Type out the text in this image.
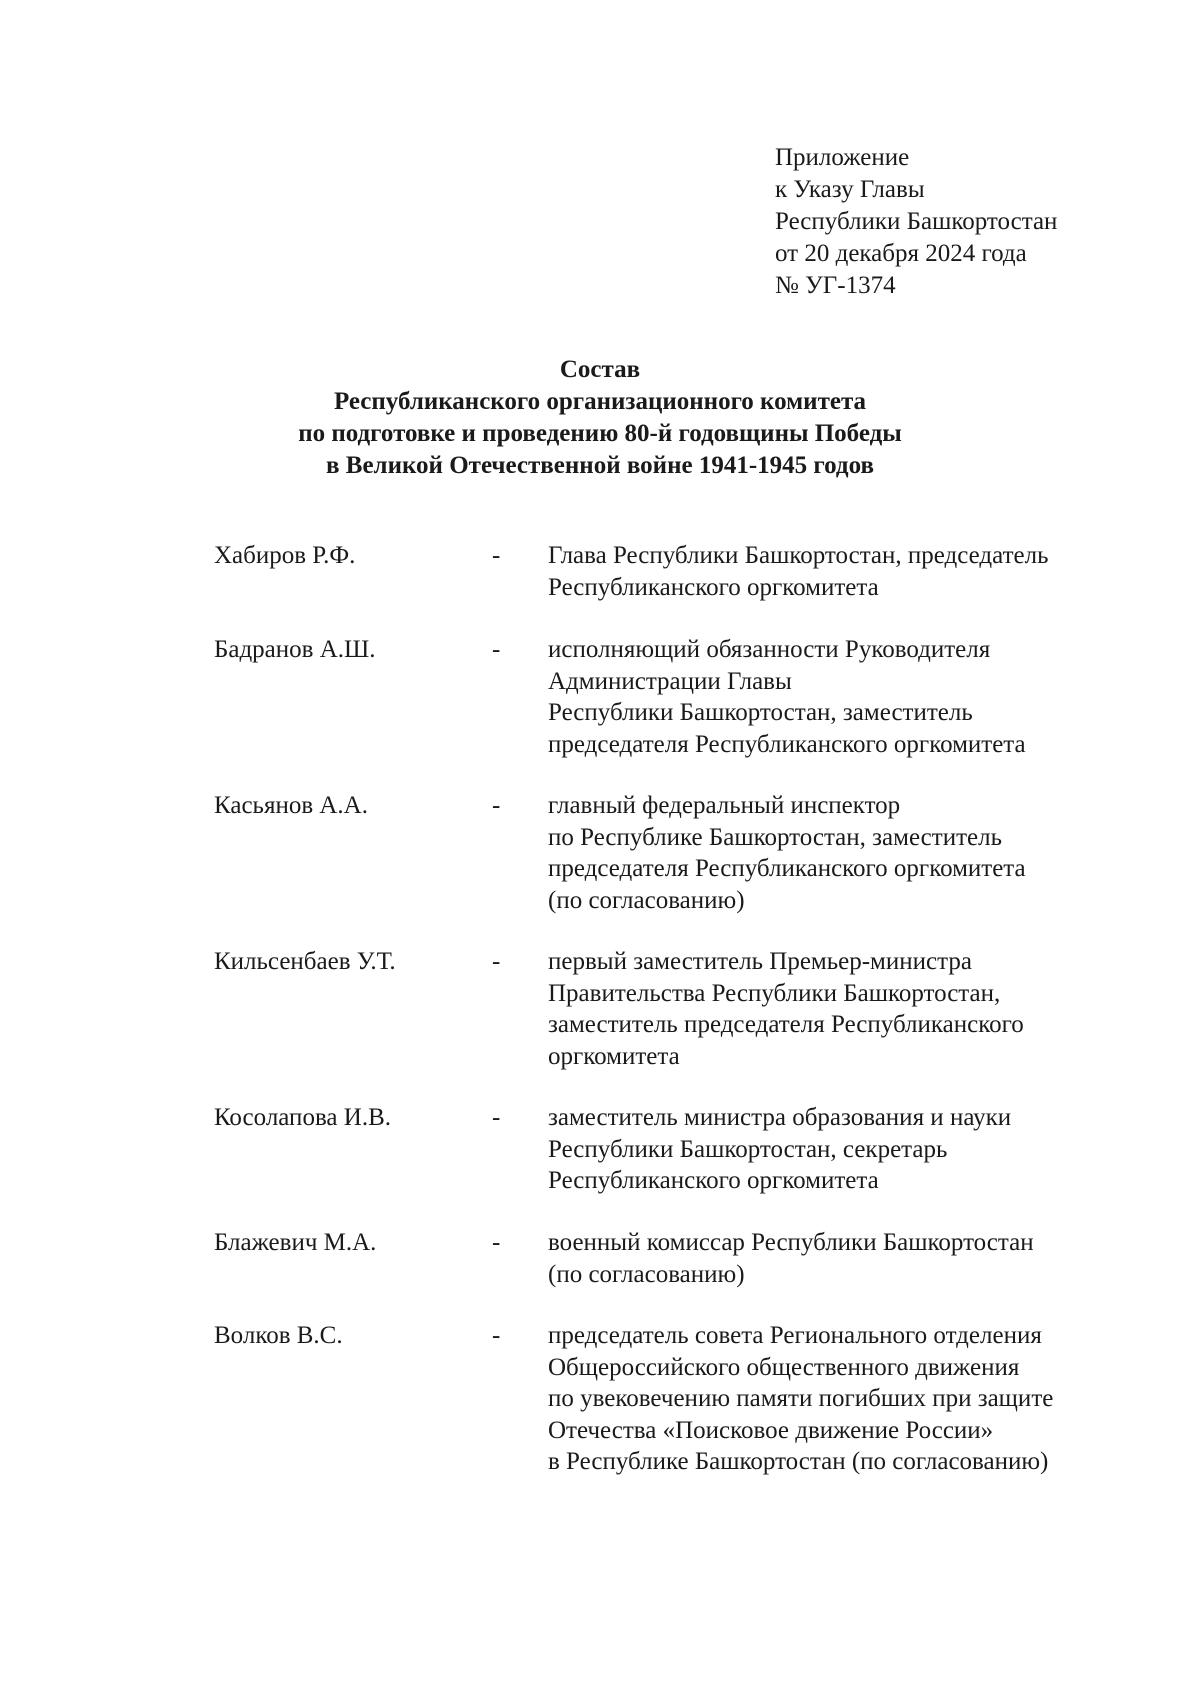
Приложение
к Указу Главы
Республики Башкортостан
от 20 декабря 2024 года
№ УГ-1374
Состав
Республиканского организационного комитета
по подготовке и проведению 80-й годовщины Победы
в Великой Отечественной войне 1941-1945 годов
Хабиров Р.Ф.	- Глава Республики Башкортостан, председатель
Республиканского оргкомитета
Бадранов А.Ш.	- исполняющий обязанности Руководителя
Администрации Главы
Республики Башкортостан, заместитель
председателя Республиканского оргкомитета
Касьянов А.А.	- главный федеральный инспектор
по Республике Башкортостан, заместитель
председателя Республиканского оргкомитета
(по согласованию)
Кильсенбаев У.Т.	- первый заместитель Премьер-министра
Правительства Республики Башкортостан,
заместитель председателя Республиканского
оргкомитета
Косолапова И.В.	- заместитель министра образования и науки
Республики Башкортостан, секретарь
Республиканского оргкомитета
Блажевич М.А.	- военный комиссар Республики Башкортостан
(по согласованию)
Волков В.С.	- председатель совета Регионального отделения
Общероссийского общественного движения
по увековечению памяти погибших при защите
Отечества «Поисковое движение России»
в Республике Башкортостан (по согласованию)
